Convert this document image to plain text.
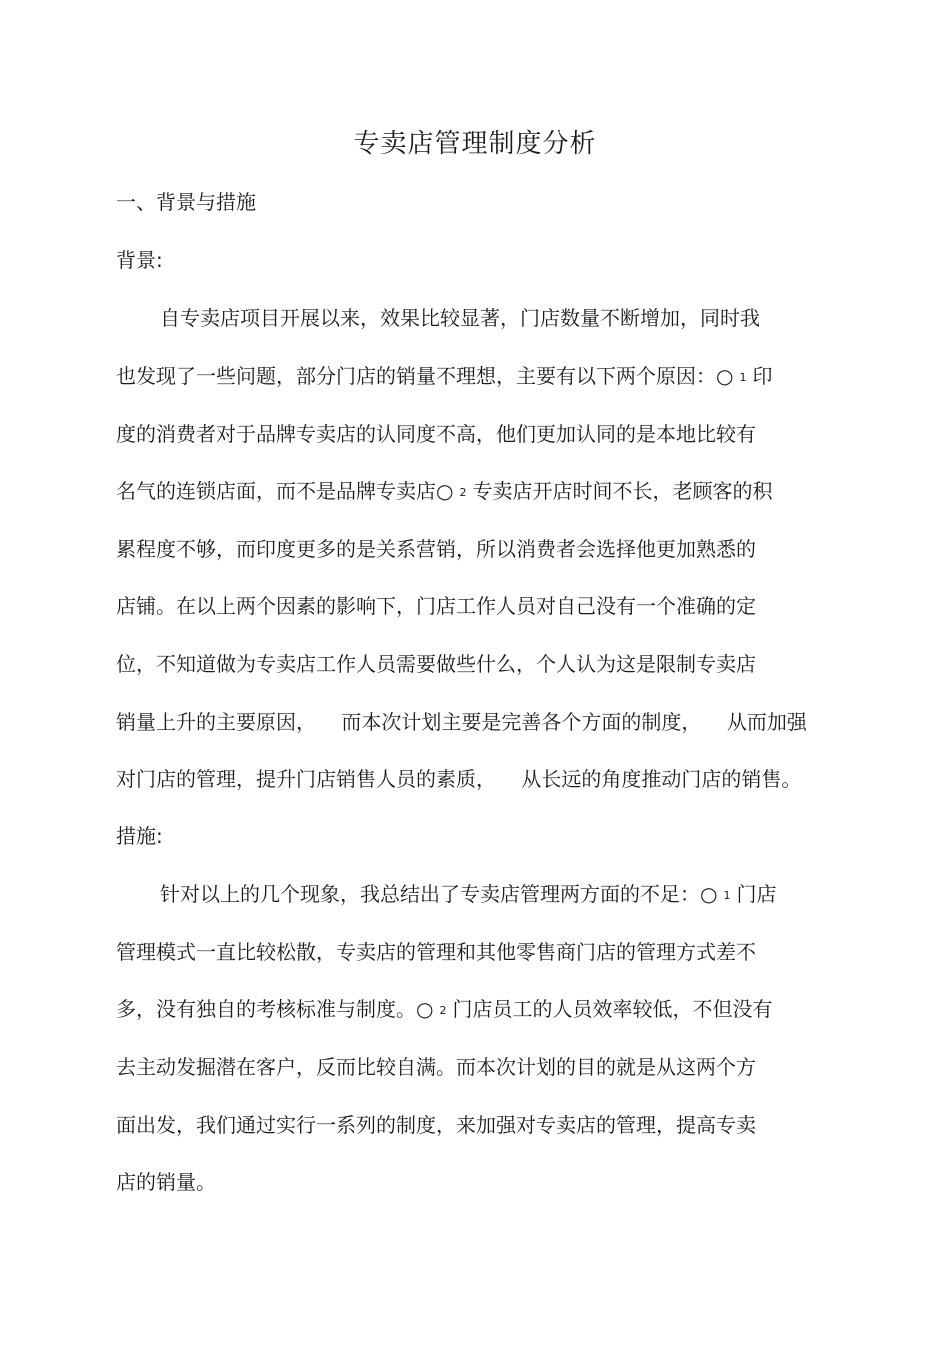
专卖店管理制度分析
一、背景与措施
背景:
自专卖店项目开展以来，效果比较显著，门店数量不断增加，同时我
也发现了一些问题，部分门店的销量不理想，主要有以下两个原因：○ 1 印
度的消费者对于品牌专卖店的认同度不高，他们更加认同的是本地比较有
名气的连锁店面，而不是品牌专卖店○ 2 专卖店开店时间不长，老顾客的积
累程度不够，而印度更多的是关系营销，所以消费者会选择他更加熟悉的
店铺。在以上两个因素的影响下，门店工作人员对自己没有一个准确的定
位，不知道做为专卖店工作人员需要做些什么，个人认为这是限制专卖店
销量上升的主要原因，    而本次计划主要是完善各个方面的制度，    从而加强
对门店的管理，提升门店销售人员的素质，    从长远的角度推动门店的销售。
措施:
针对以上的几个现象，我总结出了专卖店管理两方面的不足：○ 1 门店
管理模式一直比较松散，专卖店的管理和其他零售商门店的管理方式差不
多，没有独自的考核标准与制度。○ 2 门店员工的人员效率较低，不但没有
去主动发掘潜在客户，反而比较自满。而本次计划的目的就是从这两个方
面出发，我们通过实行一系列的制度，来加强对专卖店的管理，提高专卖
店的销量。
